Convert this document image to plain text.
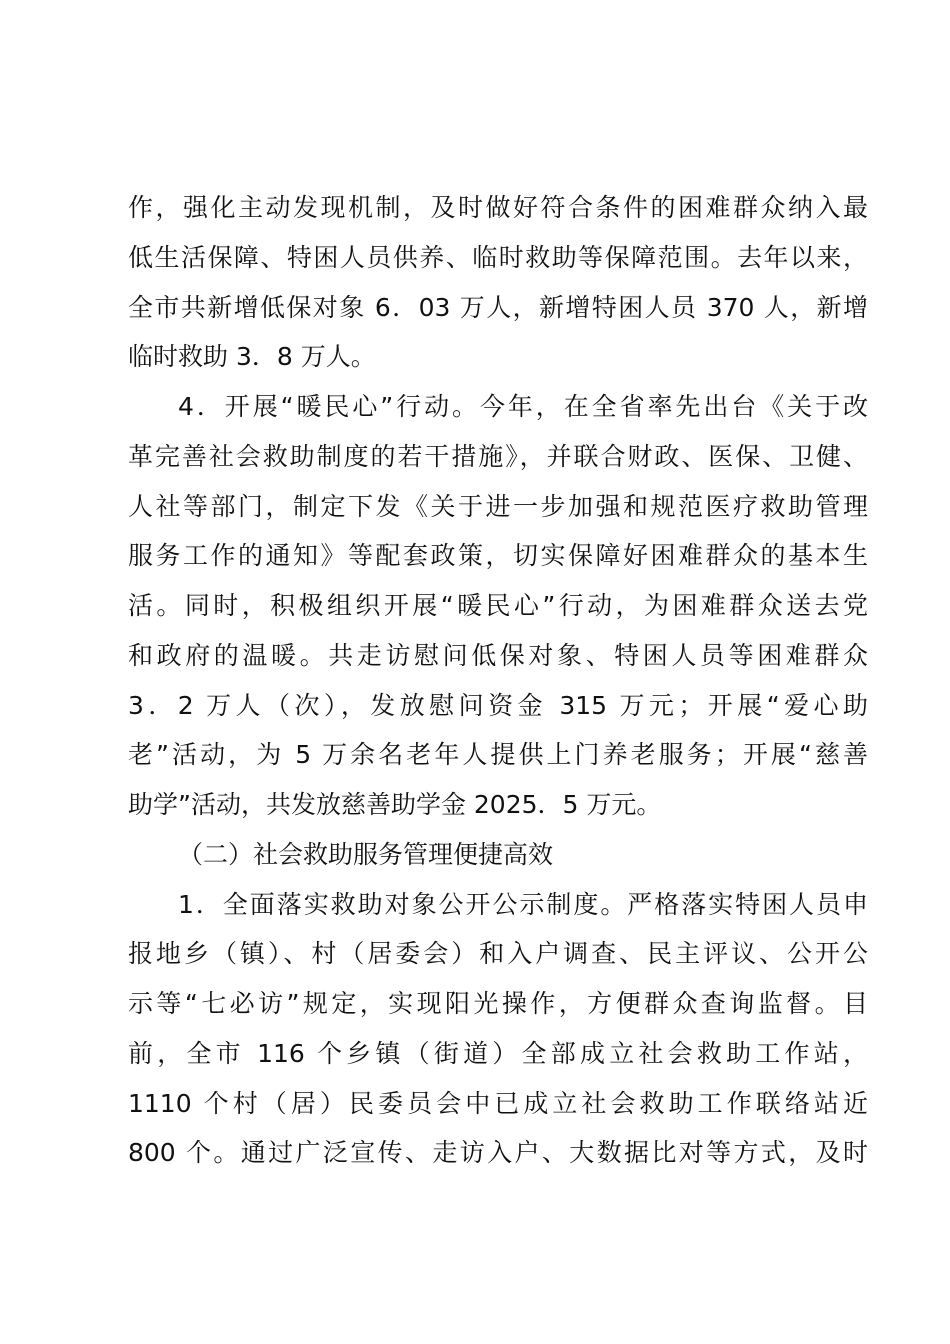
作，强化主动发现机制，及时做好符合条件的困难群众纳入最
低生活保障、特困人员供养、临时救助等保障范围。去年以来，
全市共新增低保对象 6．03 万人，新增特困人员 370 人，新增
临时救助 3．8 万人。
4．开展“暖民心”行动。今年，在全省率先出台《关于改
革完善社会救助制度的若干措施》，并联合财政、医保、卫健、
人社等部门，制定下发《关于进一步加强和规范医疗救助管理
服务工作的通知》等配套政策，切实保障好困难群众的基本生
活。同时，积极组织开展“暖民心”行动，为困难群众送去党
和政府的温暖。共走访慰问低保对象、特困人员等困难群众
3．2 万人（次），发放慰问资金 315 万元；开展“爱心助
老”活动，为 5 万余名老年人提供上门养老服务；开展“慈善
助学”活动，共发放慈善助学金 2025．5 万元。
（二）社会救助服务管理便捷高效
1．全面落实救助对象公开公示制度。严格落实特困人员申
报地乡（镇）、村（居委会）和入户调查、民主评议、公开公
示等“七必访”规定，实现阳光操作，方便群众查询监督。目
前，全市 116 个乡镇（街道）全部成立社会救助工作站，
1110 个村（居）民委员会中已成立社会救助工作联络站近
800 个。通过广泛宣传、走访入户、大数据比对等方式，及时
